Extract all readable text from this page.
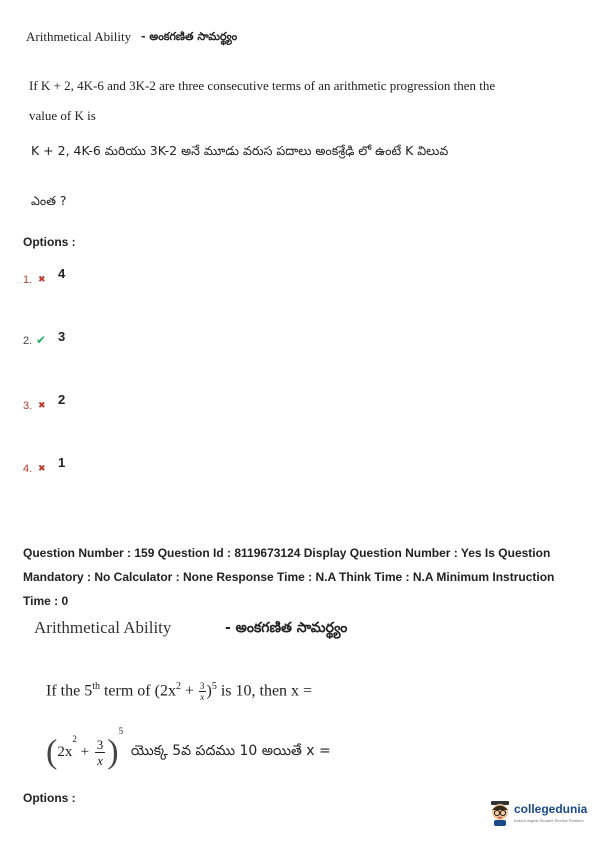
Arithmetical Ability - అంకగణిత సామర్థ్యం
If K + 2, 4K-6 and 3K-2 are three consecutive terms of an arithmetic progression then the
value of K is
K + 2, 4K-6 మరియు 3K-2 అనే మూడు వరుస పదాలు అంకశ్రేఢి లో ఉంటే K విలువ
ఎంత ?
Options :
1. ✖ 4
2. ✔ 3
3. ✖ 2
4. ✖ 1
Question Number : 159 Question Id : 8119673124 Display Question Number : Yes Is Question Mandatory : No Calculator : None Response Time : N.A Think Time : N.A Minimum Instruction Time : 0
Arithmetical Ability	- అంకగణిత సామర్థ్యం
If the 5th term of $(2x^2 + \frac{3}{x} )^5$ is 10, then x =
$(2x^2 + \frac{3}{x} )^5$ యొక్క 5వ పదము 10 అయితే x =
Options :
collegedunia
India's largest Student Review Platform
